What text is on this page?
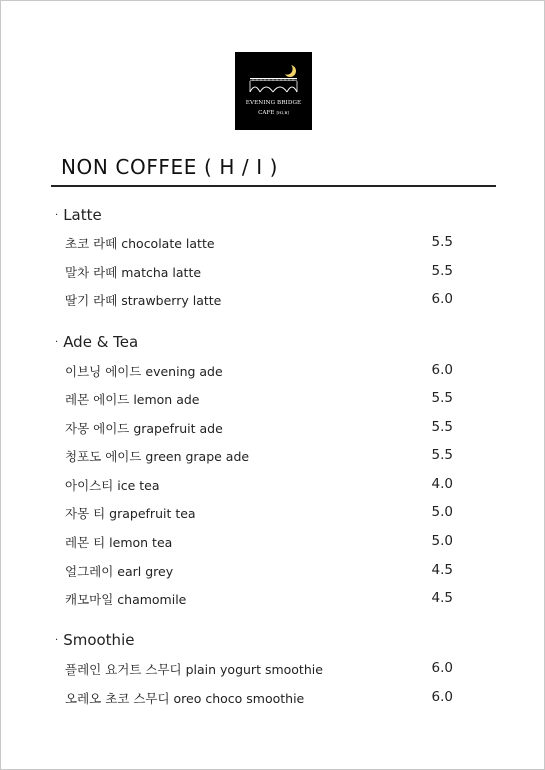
EVENING BRIDGE
CAFE [HI,B]
NON COFFEE ( H / I )
· Latte
초코 라떼 chocolate latte	5.5
말차 라떼 matcha latte	5.5
딸기 라떼 strawberry latte	6.0
· Ade & Tea
이브닝 에이드 evening ade	6.0
레몬 에이드 lemon ade	5.5
자몽 에이드 grapefruit ade	5.5
청포도 에이드 green grape ade	5.5
아이스티 ice tea	4.0
자몽 티 grapefruit tea	5.0
레몬 티 lemon tea	5.0
얼그레이 earl grey	4.5
캐모마일 chamomile	4.5
· Smoothie
플레인 요거트 스무디 plain yogurt smoothie	6.0
오레오 초코 스무디 oreo choco smoothie	6.0
